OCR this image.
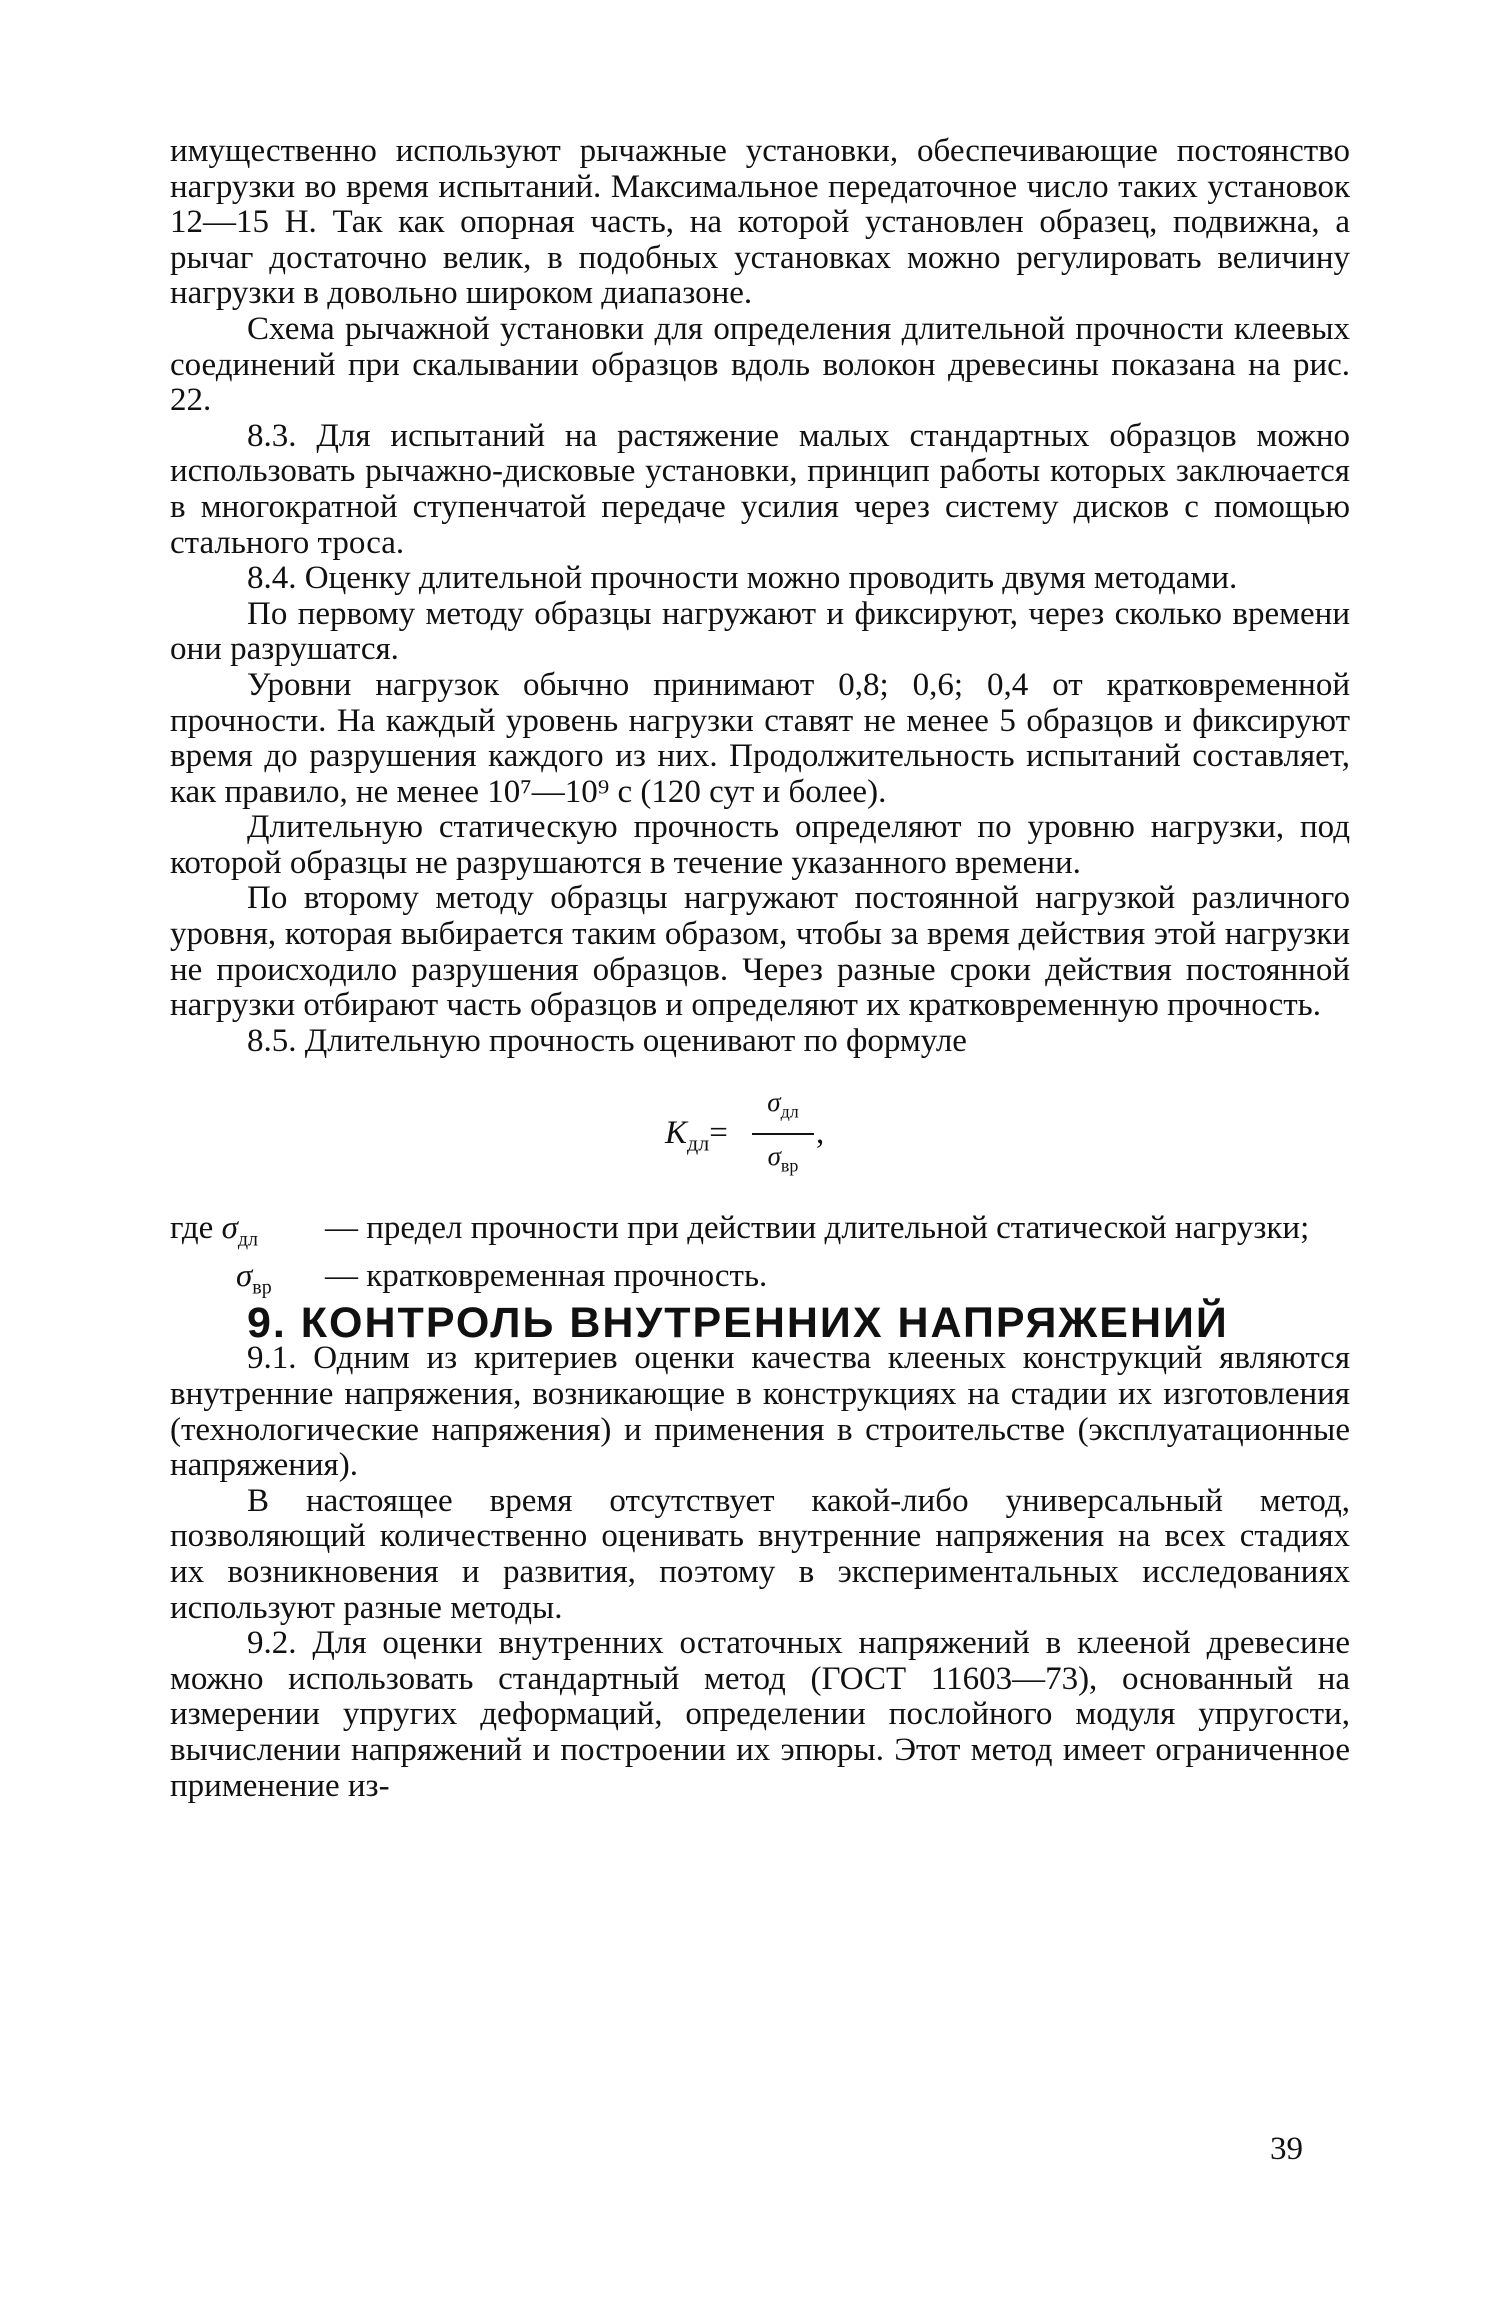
имущественно используют рычажные установки, обеспечивающие постоянство нагрузки во время испытаний. Максимальное передаточное число таких установок 12—15 Н. Так как опорная часть, на которой установлен образец, подвижна, а рычаг достаточно велик, в подобных установках можно регулировать величину нагрузки в довольно широком диапазоне.

Схема рычажной установки для определения длительной прочности клеевых соединений при скалывании образцов вдоль волокон древесины показана на рис. 22.

8.3. Для испытаний на растяжение малых стандартных образцов можно использовать рычажно-дисковые установки, принцип работы которых заключается в многократной ступенчатой передаче усилия через систему дисков с помощью стального троса.

8.4. Оценку длительной прочности можно проводить двумя методами.

По первому методу образцы нагружают и фиксируют, через сколько времени они разрушатся.

Уровни нагрузок обычно принимают 0,8; 0,6; 0,4 от кратковременной прочности. На каждый уровень нагрузки ставят не менее 5 образцов и фиксируют время до разрушения каждого из них. Продолжительность испытаний составляет, как правило, не менее 10⁷—10⁹ с (120 сут и более).

Длительную статическую прочность определяют по уровню нагрузки, под которой образцы не разрушаются в течение указанного времени.

По второму методу образцы нагружают постоянной нагрузкой различного уровня, которая выбирается таким образом, чтобы за время действия этой нагрузки не происходило разрушения образцов. Через разные сроки действия постоянной нагрузки отбирают часть образцов и определяют их кратковременную прочность.

8.5. Длительную прочность оценивают по формуле

$K_{дл}=$
$\sigma_{дл}$
$\sigma_{вр}$
,
где $\sigma_{дл}$	— предел прочности при действии длительной статической нагрузки;
$\sigma_{вр}$	— кратковременная прочность.

9. КОНТРОЛЬ ВНУТРЕННИХ НАПРЯЖЕНИЙ

9.1. Одним из критериев оценки качества клееных конструкций являются внутренние напряжения, возникающие в конструкциях на стадии их изготовления (технологические напряжения) и применения в строительстве (эксплуатационные напряжения).

В настоящее время отсутствует какой-либо универсальный метод, позволяющий количественно оценивать внутренние напряжения на всех стадиях их возникновения и развития, поэтому в экспериментальных исследованиях используют разные методы.

9.2. Для оценки внутренних остаточных напряжений в клееной древесине можно использовать стандартный метод (ГОСТ 11603—73), основанный на измерении упругих деформаций, определении послойного модуля упругости, вычислении напряжений и построении их эпюры. Этот метод имеет ограниченное применение из-

39
